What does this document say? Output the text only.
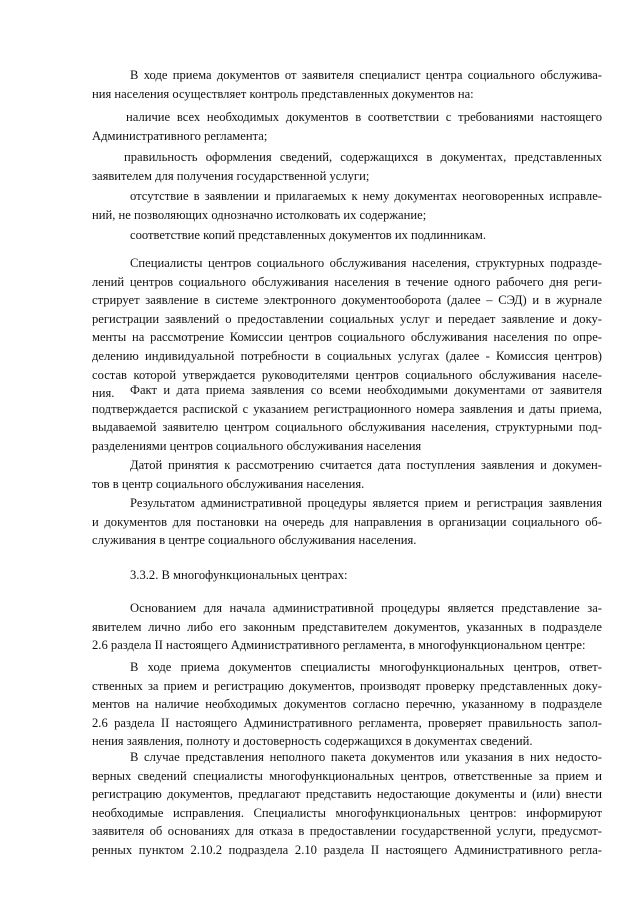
В ходе приема документов от заявителя специалист центра социального обслужива-
ния населения осуществляет контроль представленных документов на:
наличие всех необходимых документов в соответствии с требованиями настоящего
Административного регламента;
правильность оформления сведений, содержащихся в документах, представленных
заявителем для получения государственной услуги;
отсутствие в заявлении и прилагаемых к нему документах неоговоренных исправле-
ний, не позволяющих однозначно истолковать их содержание;
соответствие копий представленных документов их подлинникам.
Специалисты центров социального обслуживания населения, структурных подразде-
лений центров социального обслуживания населения в течение одного рабочего дня реги-
стрирует заявление в системе электронного документооборота (далее – СЭД) и в журнале
регистрации заявлений о предоставлении социальных услуг и передает заявление и доку-
менты на рассмотрение Комиссии центров социального обслуживания населения по опре-
делению индивидуальной потребности в социальных услугах (далее - Комиссия центров)
состав которой утверждается руководителями центров социального обслуживания населе-
ния.	Факт и дата приема заявления со всеми необходимыми документами от заявителя
подтверждается распиской с указанием регистрационного номера заявления и даты приема,
выдаваемой заявителю центром социального обслуживания населения, структурными под-
разделениями центров социального обслуживания населения
Датой принятия к рассмотрению считается дата поступления заявления и докумен-
тов в центр социального обслуживания населения.
Результатом административной процедуры является прием и регистрация заявления
и документов для постановки на очередь для направления в организации социального об-
служивания в центре социального обслуживания населения.
3.3.2. В многофункциональных центрах:
Основанием для начала административной процедуры является представление за-
явителем лично либо его законным представителем документов, указанных в подразделе
2.6 раздела II настоящего Административного регламента, в многофункциональном центре:
В ходе приема документов специалисты многофункциональных центров, ответ-
ственных за прием и регистрацию документов, производят проверку представленных доку-
ментов на наличие необходимых документов согласно перечню, указанному в подразделе
2.6 раздела II настоящего Административного регламента, проверяет правильность запол-
нения заявления, полноту и достоверность содержащихся в документах сведений.
В случае представления неполного пакета документов или указания в них недосто-
верных сведений специалисты многофункциональных центров, ответственные за прием и
регистрацию документов, предлагают представить недостающие документы и (или) внести
необходимые исправления. Специалисты многофункциональных центров: информируют
заявителя об основаниях для отказа в предоставлении государственной услуги, предусмот-
ренных пунктом 2.10.2 подраздела 2.10 раздела II настоящего Административного регла-
